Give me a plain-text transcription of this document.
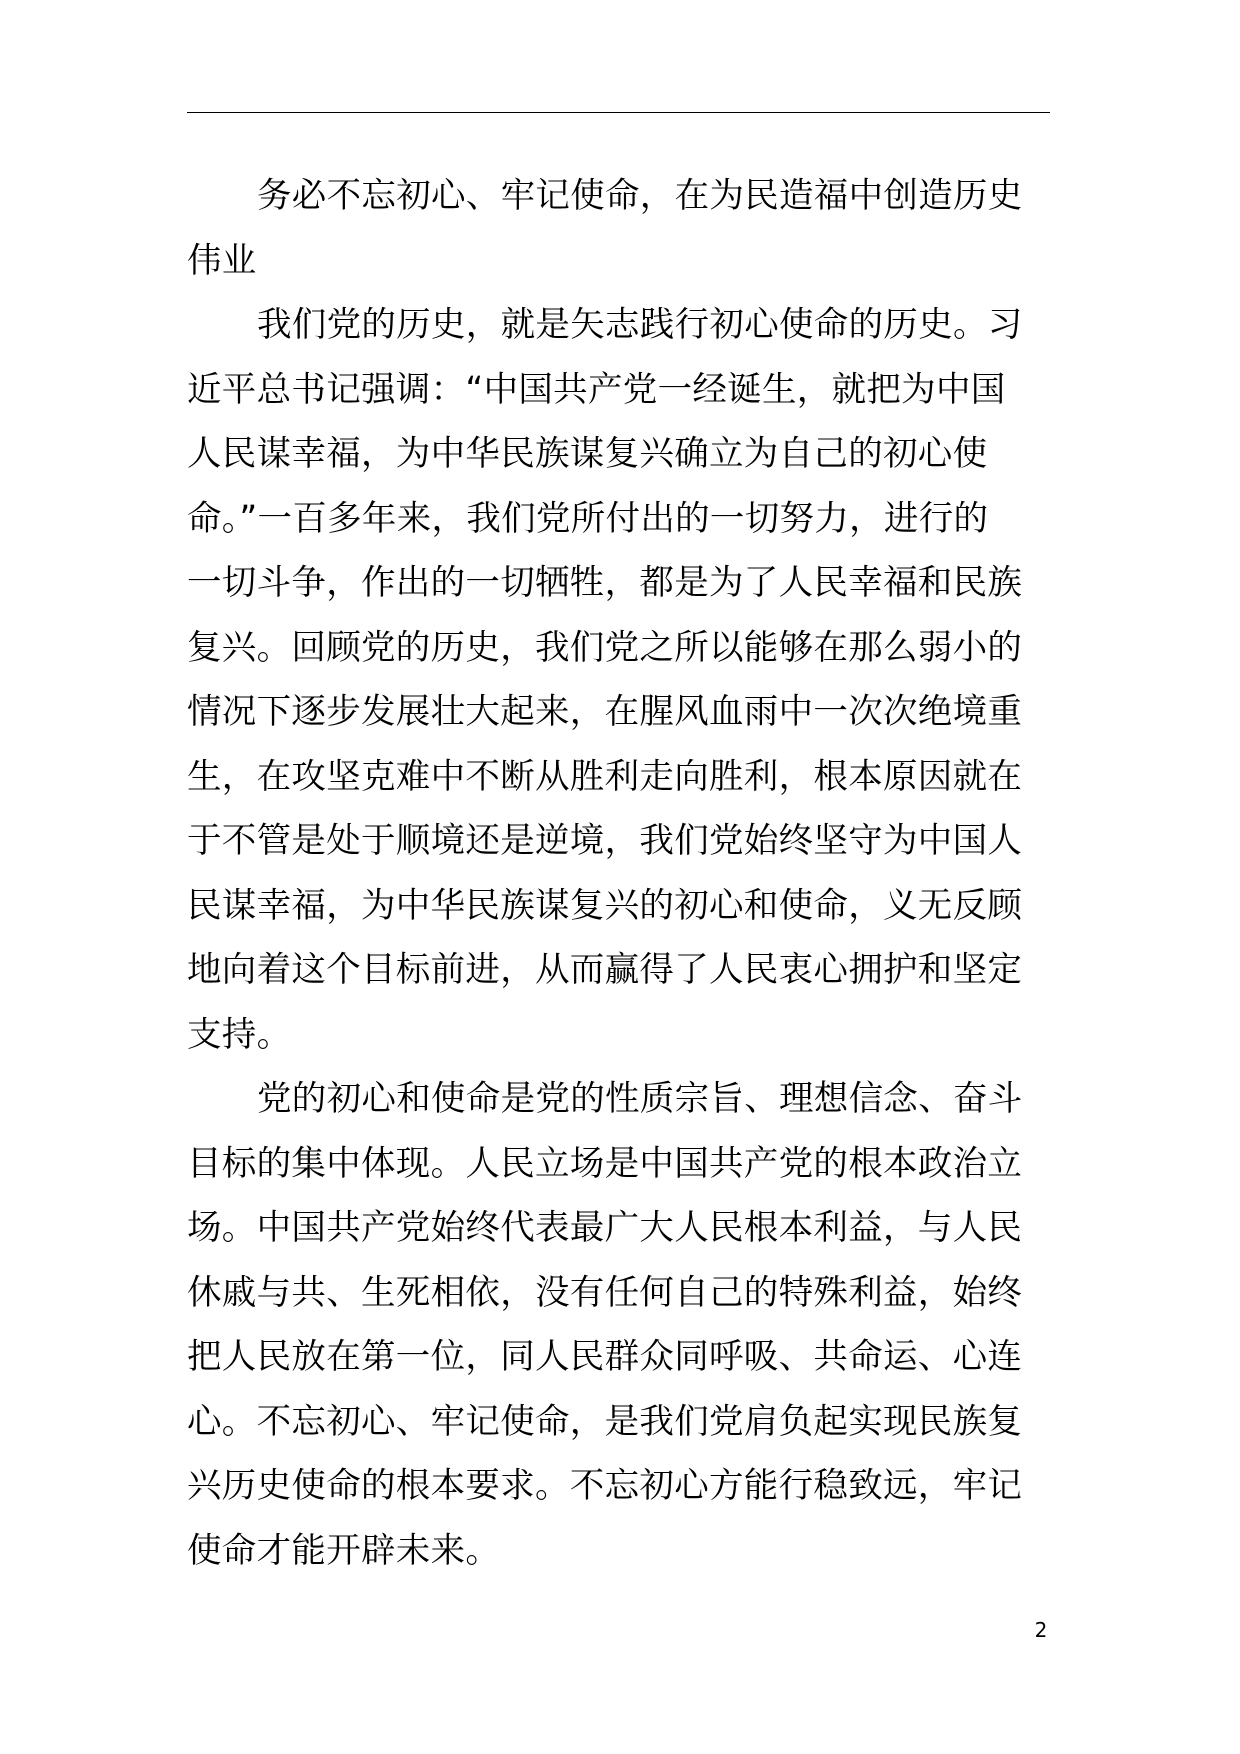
务必不忘初心、牢记使命，在为民造福中创造历史
伟业
我们党的历史，就是矢志践行初心使命的历史。习
近平总书记强调：“中国共产党一经诞生，就把为中国
人民谋幸福，为中华民族谋复兴确立为自己的初心使
命。”一百多年来，我们党所付出的一切努力，进行的
一切斗争，作出的一切牺牲，都是为了人民幸福和民族
复兴。回顾党的历史，我们党之所以能够在那么弱小的
情况下逐步发展壮大起来，在腥风血雨中一次次绝境重
生，在攻坚克难中不断从胜利走向胜利，根本原因就在
于不管是处于顺境还是逆境，我们党始终坚守为中国人
民谋幸福，为中华民族谋复兴的初心和使命，义无反顾
地向着这个目标前进，从而赢得了人民衷心拥护和坚定
支持。
党的初心和使命是党的性质宗旨、理想信念、奋斗
目标的集中体现。人民立场是中国共产党的根本政治立
场。中国共产党始终代表最广大人民根本利益，与人民
休戚与共、生死相依，没有任何自己的特殊利益，始终
把人民放在第一位，同人民群众同呼吸、共命运、心连
心。不忘初心、牢记使命，是我们党肩负起实现民族复
兴历史使命的根本要求。不忘初心方能行稳致远，牢记
使命才能开辟未来。
2
